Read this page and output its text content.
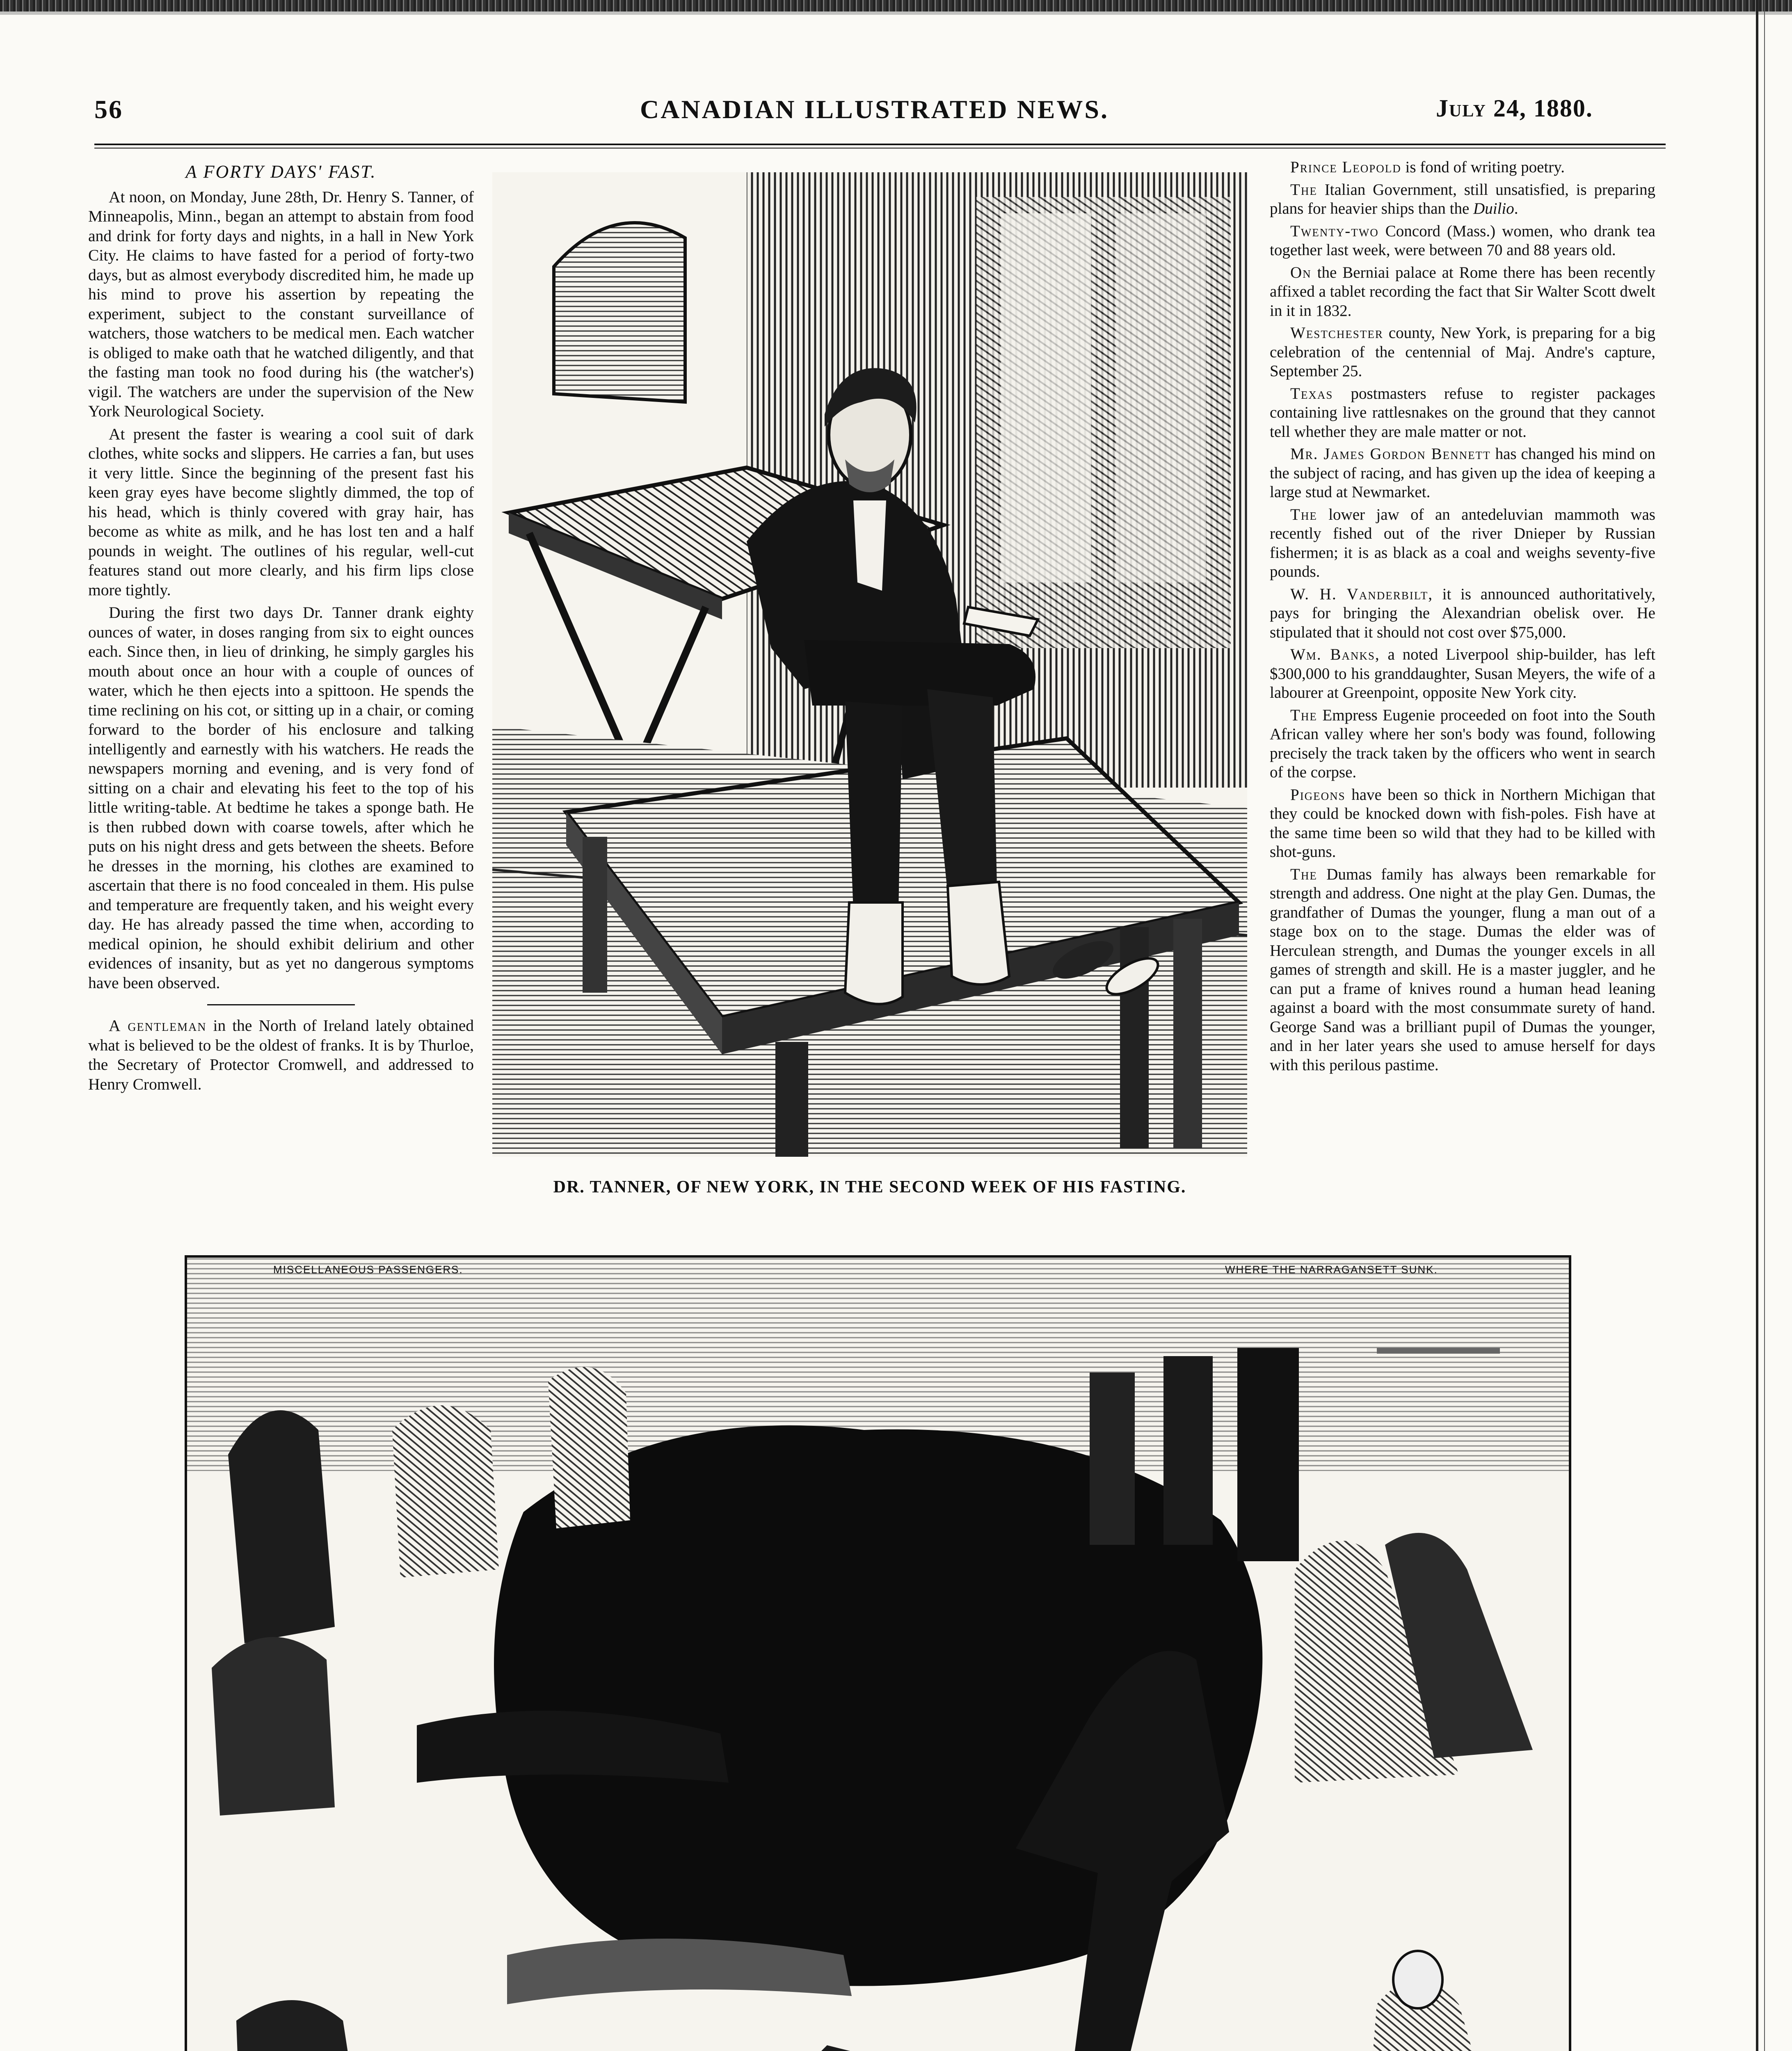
56	CANADIAN ILLUSTRATED NEWS.	July 24, 1880.
A FORTY DAYS' FAST.

At noon, on Monday, June 28th, Dr. Henry S. Tanner, of Minneapolis, Minn., began an attempt to abstain from food and drink for forty days and nights, in a hall in New York City. He claims to have fasted for a period of forty-two days, but as almost everybody discredited him, he made up his mind to prove his assertion by repeating the experiment, subject to the constant surveillance of watchers, those watchers to be medical men. Each watcher is obliged to make oath that he watched diligently, and that the fasting man took no food during his (the watcher's) vigil. The watchers are under the supervision of the New York Neurological Society.

At present the faster is wearing a cool suit of dark clothes, white socks and slippers. He carries a fan, but uses it very little. Since the beginning of the present fast his keen gray eyes have become slightly dimmed, the top of his head, which is thinly covered with gray hair, has become as white as milk, and he has lost ten and a half pounds in weight. The outlines of his regular, well-cut features stand out more clearly, and his firm lips close more tightly.

During the first two days Dr. Tanner drank eighty ounces of water, in doses ranging from six to eight ounces each. Since then, in lieu of drinking, he simply gargles his mouth about once an hour with a couple of ounces of water, which he then ejects into a spittoon. He spends the time reclining on his cot, or sitting up in a chair, or coming forward to the border of his enclosure and talking intelligently and earnestly with his watchers. He reads the newspapers morning and evening, and is very fond of sitting on a chair and elevating his feet to the top of his little writing-table. At bedtime he takes a sponge bath. He is then rubbed down with coarse towels, after which he puts on his night dress and gets between the sheets. Before he dresses in the morning, his clothes are examined to ascertain that there is no food concealed in them. His pulse and temperature are frequently taken, and his weight every day. He has already passed the time when, according to medical opinion, he should exhibit delirium and other evidences of insanity, but as yet no dangerous symptoms have been observed.

A gentleman in the North of Ireland lately obtained what is believed to be the oldest of franks. It is by Thurloe, the Secretary of Protector Cromwell, and addressed to Henry Cromwell.

DR. TANNER, OF NEW YORK, IN THE SECOND WEEK OF HIS FASTING.

Prince Leopold is fond of writing poetry.

The Italian Government, still unsatisfied, is preparing plans for heavier ships than the Duilio.

Twenty-two Concord (Mass.) women, who drank tea together last week, were between 70 and 88 years old.

On the Berniai palace at Rome there has been recently affixed a tablet recording the fact that Sir Walter Scott dwelt in it in 1832.

Westchester county, New York, is preparing for a big celebration of the centennial of Maj. Andre's capture, September 25.

Texas postmasters refuse to register packages containing live rattlesnakes on the ground that they cannot tell whether they are male matter or not.

Mr. James Gordon Bennett has changed his mind on the subject of racing, and has given up the idea of keeping a large stud at Newmarket.

The lower jaw of an antedeluvian mammoth was recently fished out of the river Dnieper by Russian fishermen; it is as black as a coal and weighs seventy-five pounds.

W. H. Vanderbilt, it is announced authoritatively, pays for bringing the Alexandrian obelisk over. He stipulated that it should not cost over $75,000.

Wm. Banks, a noted Liverpool ship-builder, has left $300,000 to his granddaughter, Susan Meyers, the wife of a labourer at Greenpoint, opposite New York city.

The Empress Eugenie proceeded on foot into the South African valley where her son's body was found, following precisely the track taken by the officers who went in search of the corpse.

Pigeons have been so thick in Northern Michigan that they could be knocked down with fish-poles. Fish have at the same time been so wild that they had to be killed with shot-guns.

The Dumas family has always been remarkable for strength and address. One night at the play Gen. Dumas, the grandfather of Dumas the younger, flung a man out of a stage box on to the stage. Dumas the elder was of Herculean strength, and Dumas the younger excels in all games of strength and skill. He is a master juggler, and he can put a frame of knives round a human head leaning against a board with the most consummate surety of hand. George Sand was a brilliant pupil of Dumas the younger, and in her later years she used to amuse herself for days with this perilous pastime.

MISCELLANEOUS PASSENGERS.	WHERE THE NARRAGANSETT SUNK.
